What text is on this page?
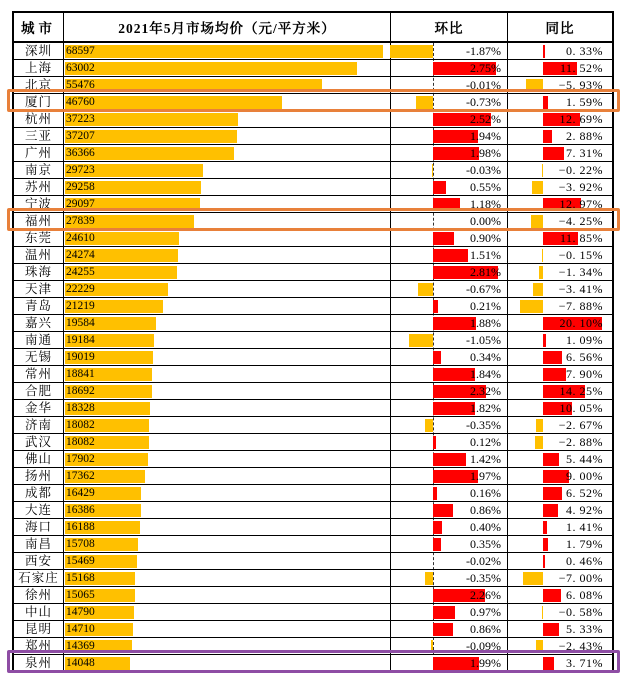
城市	2021年5月市场均价（元/平方米）	环比	同比
深圳	68597	-1.87%	0. 33%
上海	63002	2.75%	11. 52%
北京	55476	-0.01%	−5. 93%
厦门	46760	-0.73%	1. 59%
杭州	37223	2.52%	12. 69%
三亚	37207	1.94%	2. 88%
广州	36366	1.98%	7. 31%
南京	29723	-0.03%	−0. 22%
苏州	29258	0.55%	−3. 92%
宁波	29097	1.18%	12. 97%
福州	27839	0.00%	−4. 25%
东莞	24610	0.90%	11. 85%
温州	24274	1.51%	−0. 15%
珠海	24255	2.81%	−1. 34%
天津	22229	-0.67%	−3. 41%
青岛	21219	0.21%	−7. 88%
嘉兴	19584	1.88%	20. 10%
南通	19184	-1.05%	1. 09%
无锡	19019	0.34%	6. 56%
常州	18841	1.84%	7. 90%
合肥	18692	2.32%	14. 25%
金华	18328	1.82%	10. 05%
济南	18082	-0.35%	−2. 67%
武汉	18082	0.12%	−2. 88%
佛山	17902	1.42%	5. 44%
扬州	17362	1.97%	9. 00%
成都	16429	0.16%	6. 52%
大连	16386	0.86%	4. 92%
海口	16188	0.40%	1. 41%
南昌	15708	0.35%	1. 79%
西安	15469	-0.02%	0. 46%
石家庄 15168	-0.35%	−7. 00%
徐州	15065	2.26%	6. 08%
中山	14790	0.97%	−0. 58%
昆明	14710	0.86%	5. 33%
郑州	14369	-0.09%	−2. 43%
泉州	14048	1.99%	3. 71%
